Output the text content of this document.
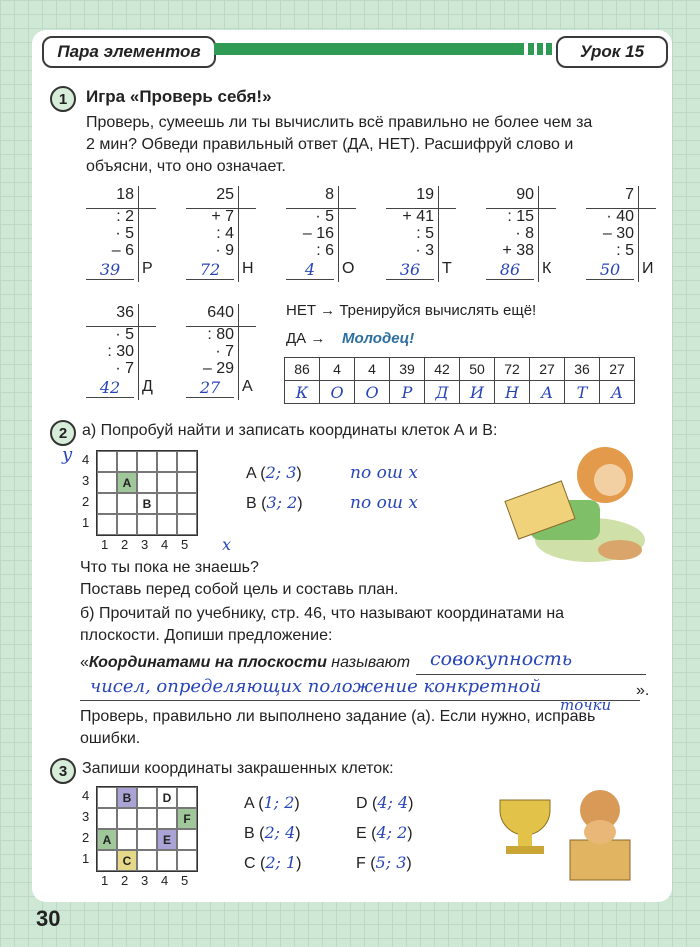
Пара элементов	Урок 15
1	Игра «Проверь себя!»
Проверь, сумеешь ли ты вычислить всё правильно не более чем за
2 мин? Обведи правильный ответ (ДА, НЕТ). Расшифруй слово и
объясни, что оно означает.
18
: 2
· 5
– 6
39	Р
25
+ 7
: 4
· 9
72	Н
8
· 5
– 16
: 6
4	О
19
+ 41
: 5
· 3
36	Т
90
: 15
· 8
+ 38
86	К
7
· 40
– 30
: 5
50	И
36
· 5
: 30
· 7
42	Д
640
: 80
· 7
– 29
27	А
НЕТ → Тренируйся вычислять ещё!
ДА → Молодец!
86	4	4	39	42	50	72	27	36	27
К	О	О	Р	Д	И	Н	А	Т	А
2 а) Попробуй найти и записать координаты клеток А и В:
у
A
B
4
3
2
1
1 2 3 4 5 х
A (2; 3)	по ош х
B (3; 2)	по ош х
Что ты пока не знаешь?
Поставь перед собой цель и составь план.
б) Прочитай по учебнику, стр. 46, что называют координатами на
плоскости. Допиши предложение:
«Координатами на плоскости называют совокупность
чисел, определяющих положение конкретной
точки
».
Проверь, правильно ли выполнено задание (а). Если нужно, исправь
ошибки.
3 Запиши координаты закрашенных клеток:
B	D
F
A	E
C
4
3
2
1
1 2 3 4 5
A (1; 2)
B (2; 4)
C (2; 1)
D (4; 4)
E (4; 2)
F (5; 3)
30
